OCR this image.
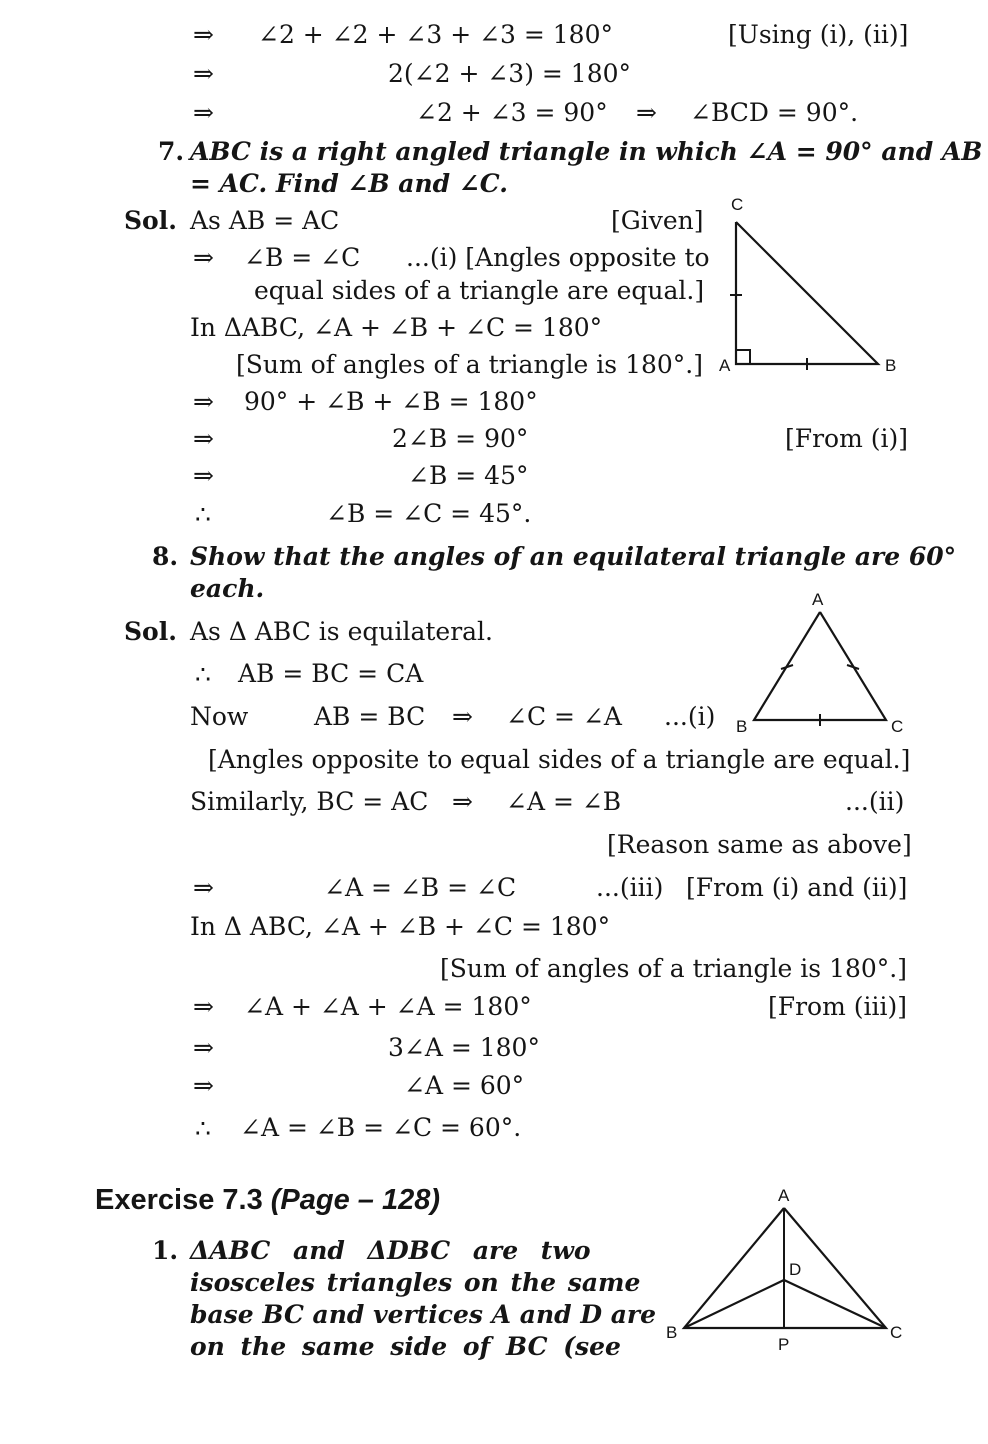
⇒ ∠2 + ∠2 + ∠3 + ∠3 = 180°	[Using (i), (ii)]
⇒	2(∠2 + ∠3) = 180°
⇒	∠2 + ∠3 = 90° ⇒ ∠BCD = 90°.
7. ABC is a right angled triangle in which ∠A = 90° and AB
= AC. Find ∠B and ∠C.
Sol. As AB = AC	[Given]
⇒ ∠B = ∠C ...(i) [Angles opposite to
equal sides of a triangle are equal.]
In ΔABC, ∠A + ∠B + ∠C = 180°
[Sum of angles of a triangle is 180°.]
⇒ 90° + ∠B + ∠B = 180°
⇒	2∠B = 90°	[From (i)]
⇒	∠B = 45°
∴	∠B = ∠C = 45°.
C
A	B
8. Show that the angles of an equilateral triangle are 60°
each.
Sol. As Δ ABC is equilateral.
∴ AB = BC = CA
Now	AB = BC ⇒ ∠C = ∠A ...(i)
[Angles opposite to equal sides of a triangle are equal.]
Similarly, BC = AC ⇒ ∠A = ∠B	...(ii)
[Reason same as above]
⇒	∠A = ∠B = ∠C	...(iii) [From (i) and (ii)]
In Δ ABC, ∠A + ∠B + ∠C = 180°
[Sum of angles of a triangle is 180°.]
⇒ ∠A + ∠A + ∠A = 180°	[From (iii)]
⇒	3∠A = 180°
⇒	∠A = 60°
∴ ∠A = ∠B = ∠C = 60°.
A
B	C
Exercise 7.3 (Page – 128)
1. ΔABC and ΔDBC are two
isosceles triangles on the same
base BC and vertices A and D are
on the same side of BC (see
A
D
B	C
P
